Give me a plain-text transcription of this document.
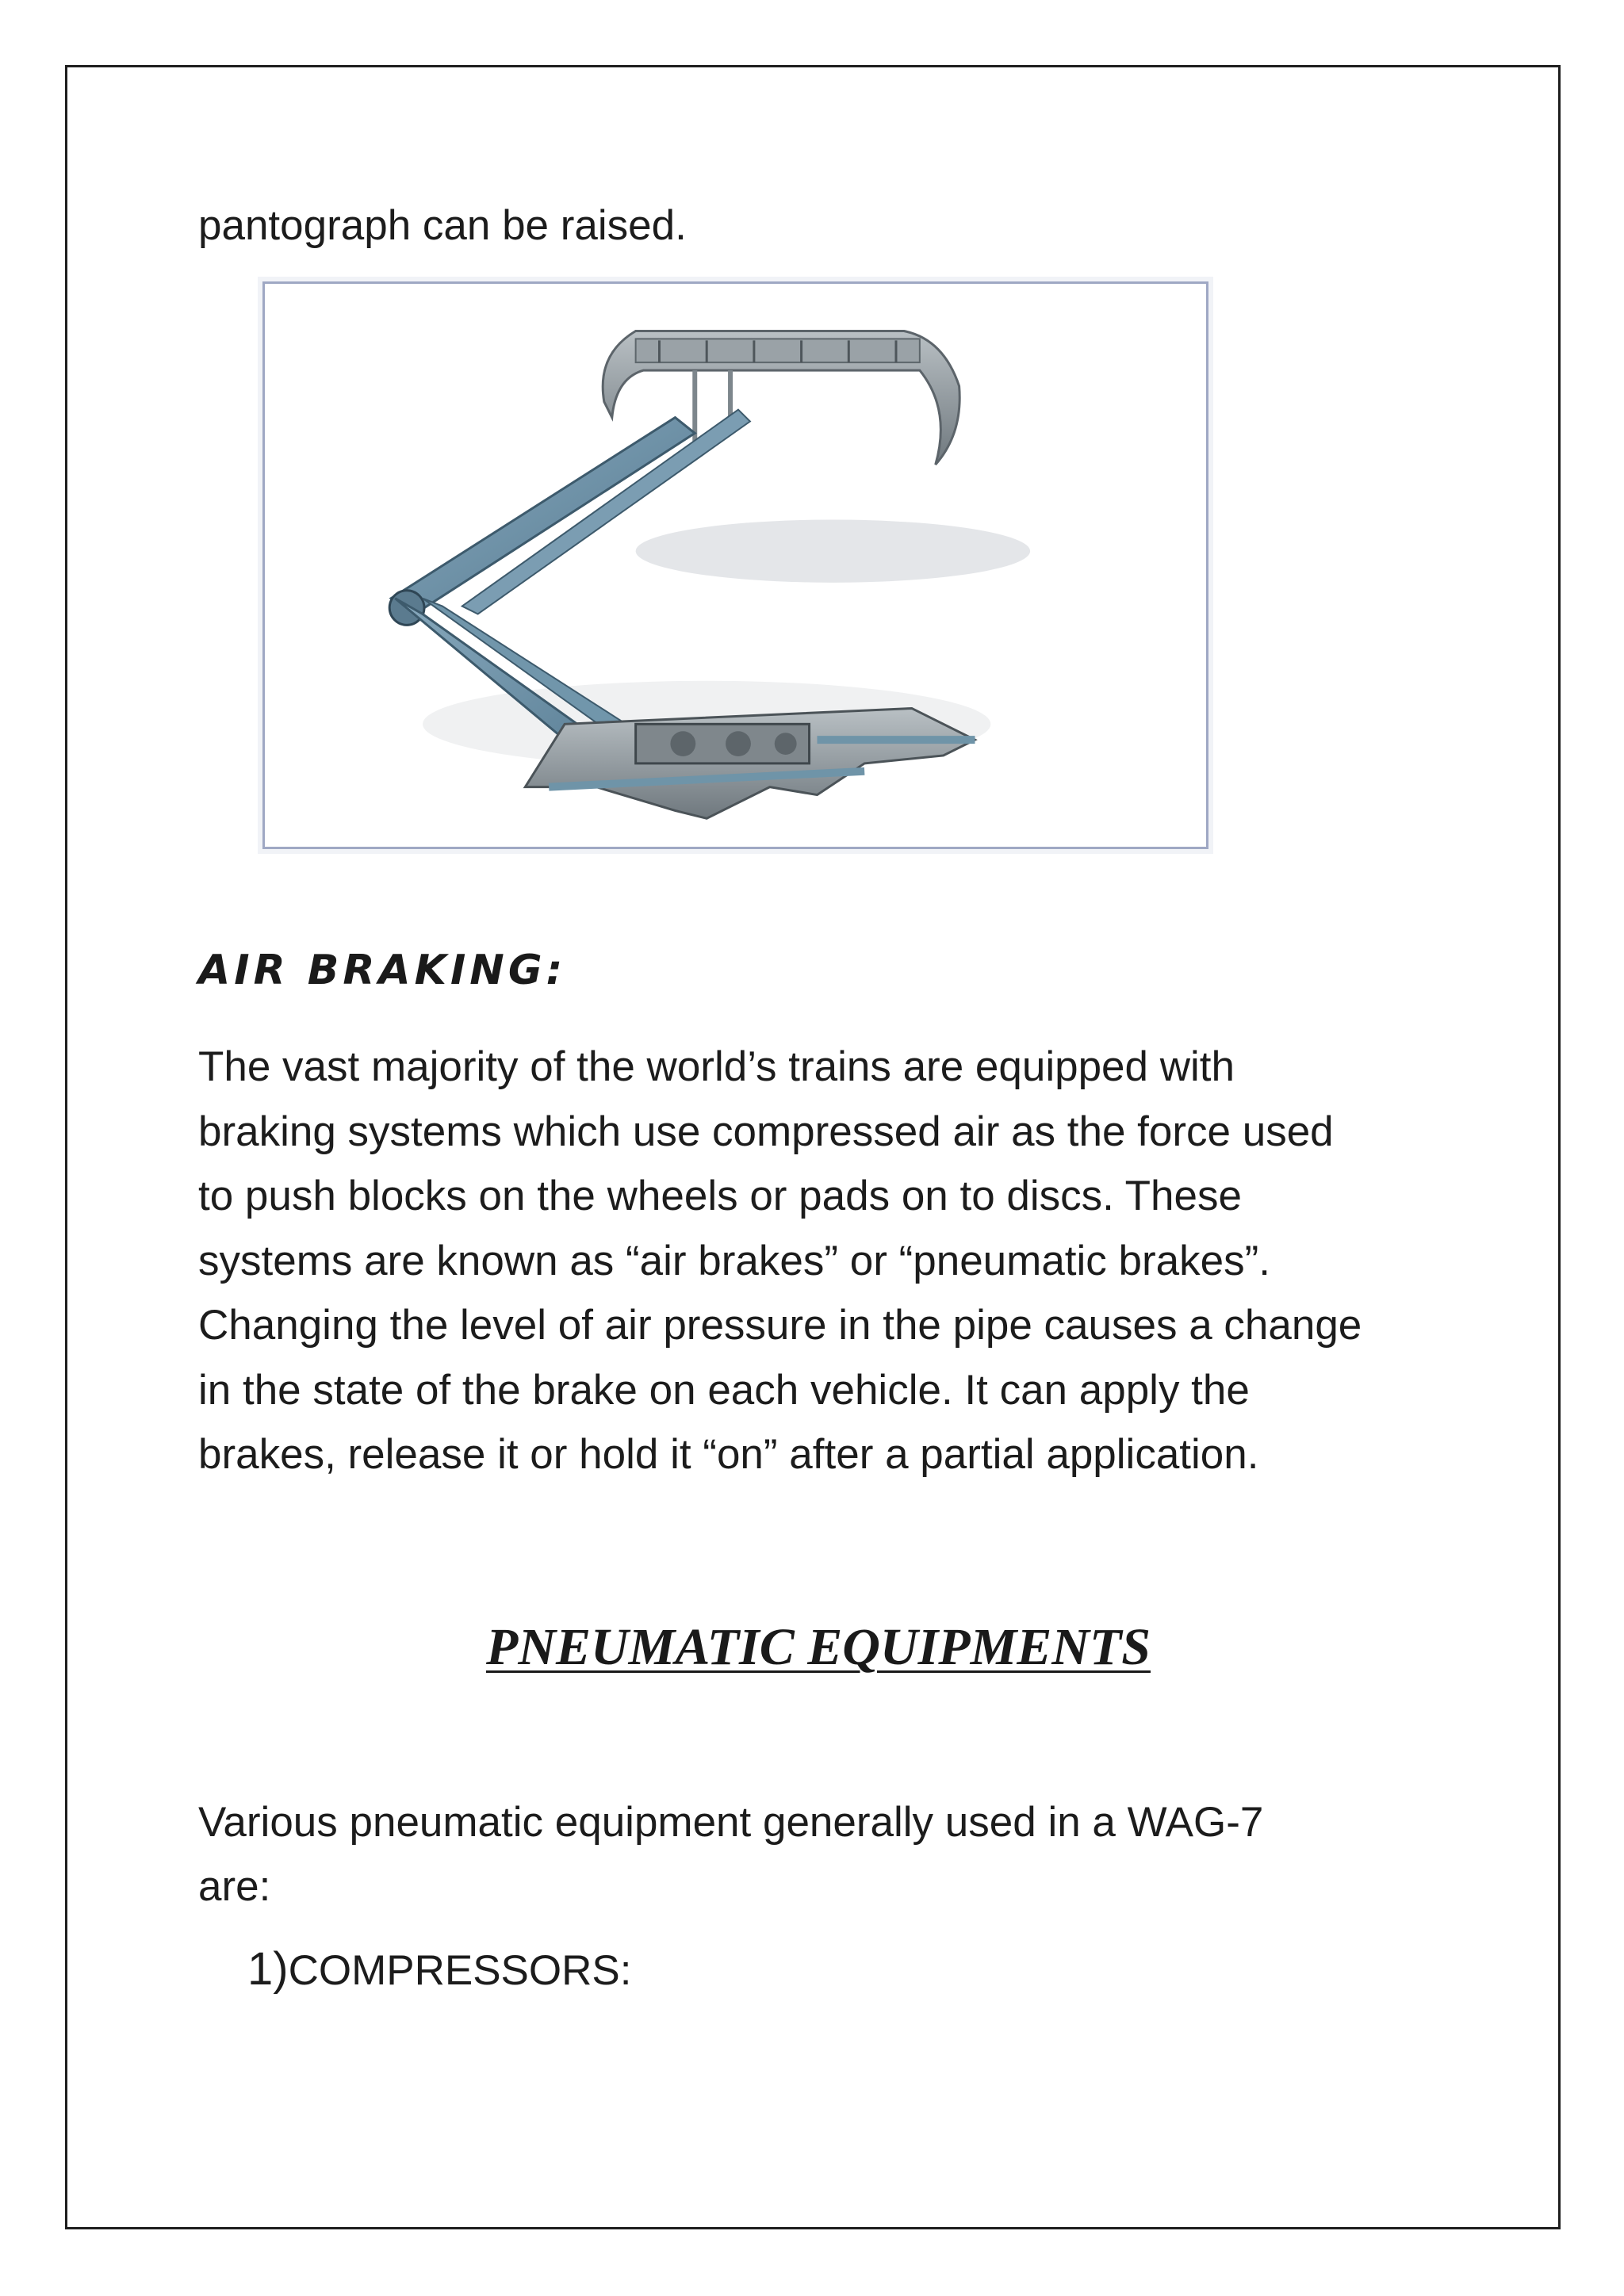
pantograph can be raised.

AIR BRAKING:

The vast majority of the world’s trains are equipped with
braking systems which use compressed air as the force used
to push blocks on the wheels or pads on to discs. These
systems are known as “air brakes” or “pneumatic brakes”.
Changing the level of air pressure in the pipe causes a change
in the state of the brake on each vehicle. It can apply the
brakes, release it or hold it “on” after a partial application.

PNEUMATIC EQUIPMENTS

Various pneumatic equipment generally used in a WAG-7
are:

1)COMPRESSORS:
